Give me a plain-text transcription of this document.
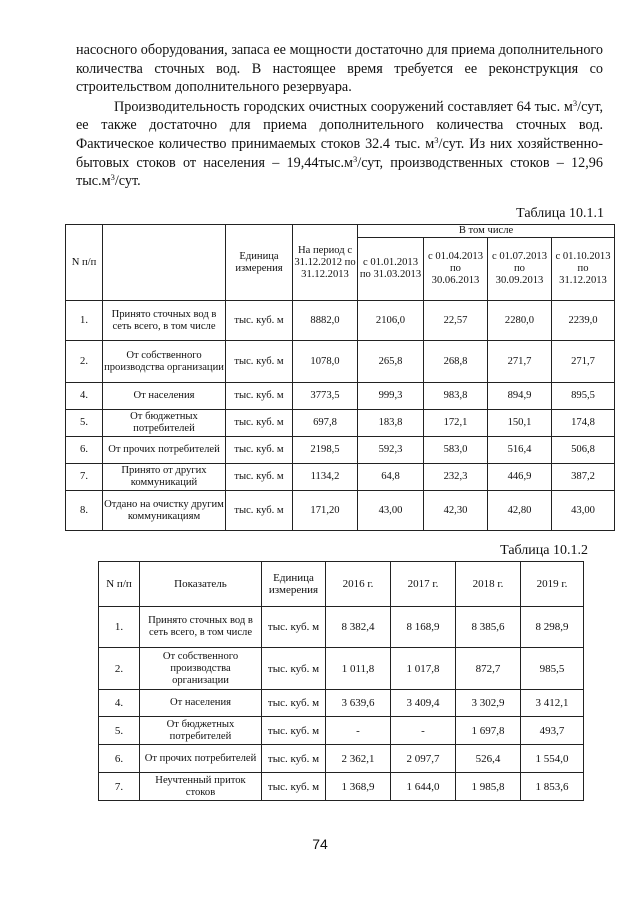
насосного оборудования, запаса ее мощности достаточно для приема дополнительного количества сточных вод. В настоящее время требуется ее реконструкция со строительством дополнительного резервуара.

Производительность городских очистных сооружений составляет 64 тыс. $м^3$/сут, ее также достаточно для приема дополнительного количества сточных вод. Фактическое количество принимаемых стоков 32.4 тыс. $м^3$/сут. Из них хозяйственно-бытовых стоков от населения – $19,44тыс.м^3$/сут, производственных стоков – 12,96 $тыс.м^3$/сут.

Таблица 10.1.1
N п/п		Единица измерения	На период с 31.12.2012 по 31.12.2013	В том числе			
				с 01.01.2013 по 31.03.2013	с 01.04.2013 по 30.06.2013	с 01.07.2013 по 30.09.2013	с 01.10.2013 по 31.12.2013
1.	Принято сточных вод в сеть всего, в том числе	тыс. куб. м	8882,0	2106,0	22,57	2280,0	2239,0
2.	От собственного производства организации	тыс. куб. м	1078,0	265,8	268,8	271,7	271,7
4.	От населения	тыс. куб. м	3773,5	999,3	983,8	894,9	895,5
5.	От бюджетных потребителей	тыс. куб. м	697,8	183,8	172,1	150,1	174,8
6.	От прочих потребителей	тыс. куб. м	2198,5	592,3	583,0	516,4	506,8
7.	Принято от других коммуникаций	тыс. куб. м	1134,2	64,8	232,3	446,9	387,2
8.	Отдано на очистку другим коммуникациям	тыс. куб. м	171,20	43,00	42,30	42,80	43,00
Таблица 10.1.2
N п/п	Показатель	Единица измерения	2016 г.	2017 г.	2018 г.	2019 г.
1.	Принято сточных вод в сеть всего, в том числе	тыс. куб. м	8 382,4	8 168,9	8 385,6	8 298,9
2.	От собственного производства организации	тыс. куб. м	1 011,8	1 017,8	872,7	985,5
4.	От населения	тыс. куб. м	3 639,6	3 409,4	3 302,9	3 412,1
5.	От бюджетных потребителей	тыс. куб. м	-	-	1 697,8	493,7
6.	От прочих потребителей	тыс. куб. м	2 362,1	2 097,7	526,4	1 554,0
7.	Неучтенный приток стоков	тыс. куб. м	1 368,9	1 644,0	1 985,8	1 853,6
74
